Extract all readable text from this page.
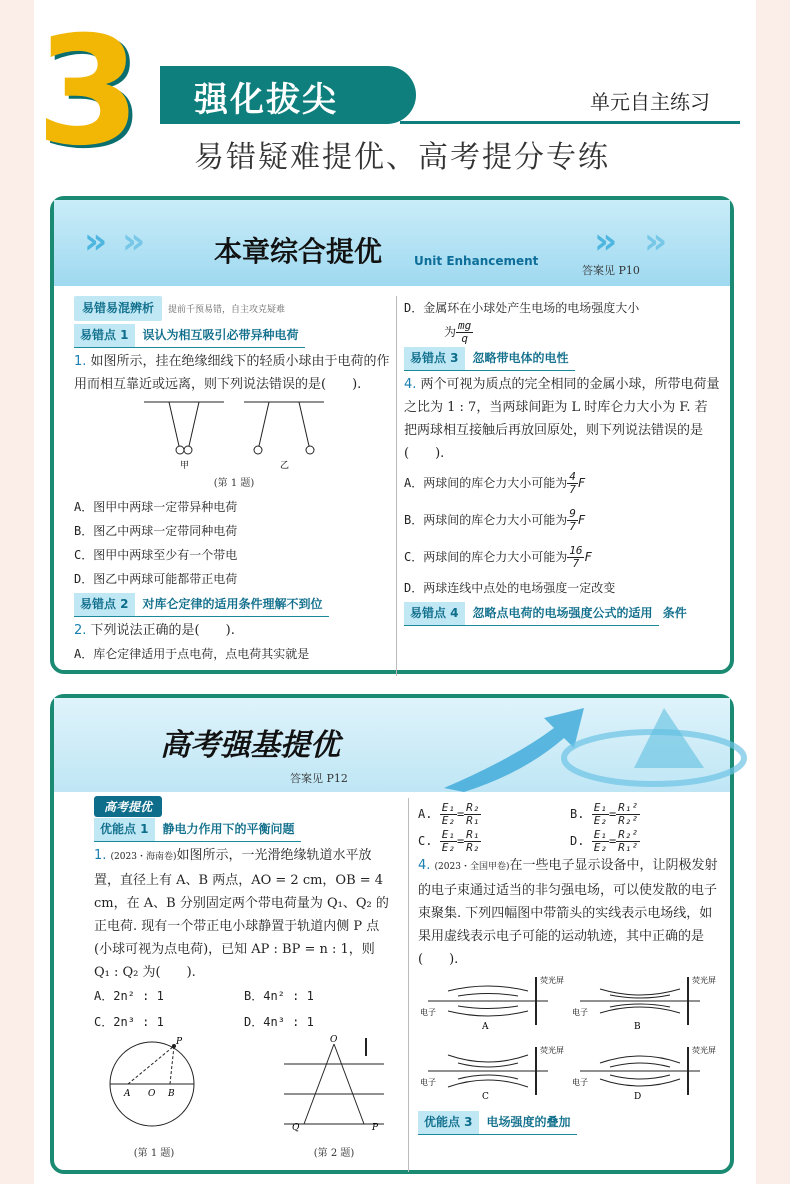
3	强化拔尖	单元自主练习
易错疑难提优、高考提分专练
» »	» »
本章综合提优	Unit Enhancement
答案见 P10
易错易混辨析 提前千预易错，自主攻克疑难
易错点 1 误认为相互吸引必带异种电荷
1. 如图所示，挂在绝缘细线下的轻质小球由于电荷的作用而相互靠近或远离，则下列说法错误的是(　　).
甲	乙
(第 1 题)
A．图甲中两球一定带异种电荷
B．图乙中两球一定带同种电荷
C．图甲中两球至少有一个带电
D．图乙中两球可能都带正电荷
易错点 2 对库仑定律的适用条件理解不到位
2. 下列说法正确的是(　　).
A．库仑定律适用于点电荷，点电荷其实就是
D．金属环在小球处产生电场的电场强度大小
为 $\frac{mg}{q}$
易错点 3 忽略带电体的电性
4. 两个可视为质点的完全相同的金属小球，所带电荷量之比为 1 : 7，当两球间距为 L 时库仑力大小为 F. 若把两球相互接触后再放回原处，则下列说法错误的是(　　).
A．两球间的库仑力大小可能为 $\frac{4}{7}$ F
B．两球间的库仑力大小可能为 $\frac{9}{7}$ F
C．两球间的库仑力大小可能为 $\frac{16}{7}$ F
D．两球连线中点处的电场强度一定改变
易错点 4 忽略点电荷的电场强度公式的适用 条件
高考强基提优
答案见 P12
高考提优
优能点 1 静电力作用下的平衡问题
1. (2023・海南卷)如图所示，一光滑绝缘轨道水平放置，直径上有 A、B 两点，AO = 2 cm，OB = 4 cm，在 A、B 分别固定两个带电荷量为 Q₁、Q₂ 的正电荷. 现有一个带正电小球静置于轨道内侧 P 点(小球可视为点电荷)，已知 AP : BP = n : 1，则 Q₁ : Q₂ 为(　　).
A．2n² : 1	B．4n² : 1
C．2n³ : 1	D．4n³ : 1
P
A O B
(第 1 题)
O
Q	P
(第 2 题)
A. $\frac{\text{E₁}}{\text{E₂}} = \frac{\text{R₂}}{\text{R₁}}$	B. $\frac{\text{E₁}}{\text{E₂}} = \frac{\text{R₁²}}{\text{R₂²}}$
C. $\frac{\text{E₁}}{\text{E₂}} = \frac{\text{R₁}}{\text{R₂}}$	D. $\frac{\text{E₁}}{\text{E₂}} = \frac{\text{R₂²}}{\text{R₁²}}$
4. (2023・全国甲卷)在一些电子显示设备中，让阴极发射的电子束通过适当的非匀强电场，可以使发散的电子束聚集. 下列四幅图中带箭头的实线表示电场线，如果用虚线表示电子可能的运动轨迹，其中正确的是(　　).
电子
荧光屏
A
电子
荧光屏
B
电子
荧光屏
C
电子
荧光屏
D
优能点 3 电场强度的叠加
